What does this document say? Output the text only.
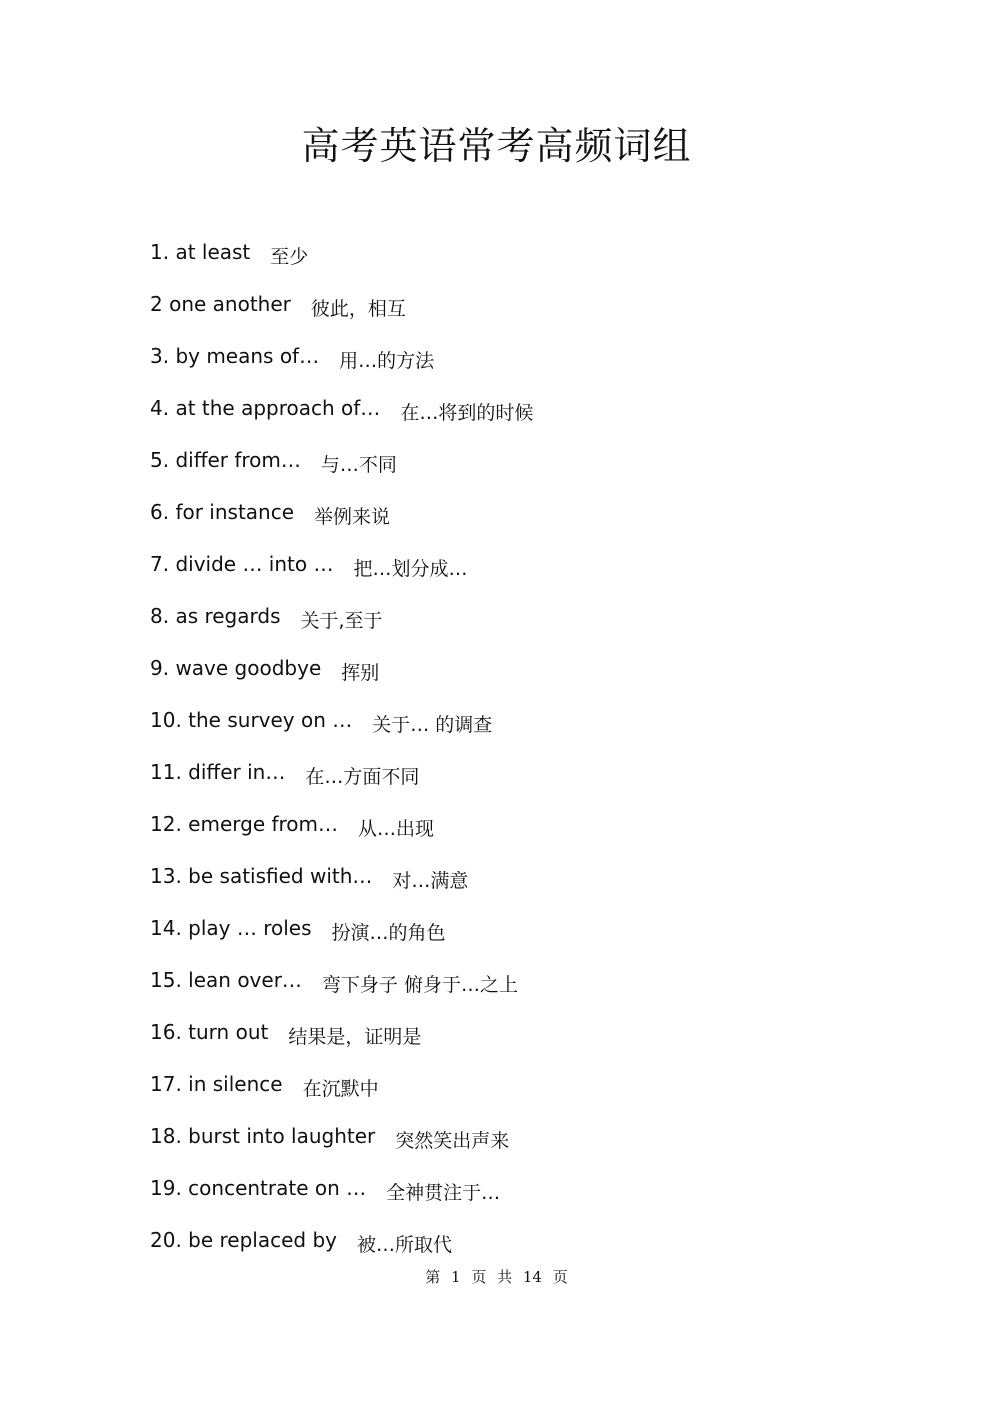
高考英语常考高频词组
1. at least 至少
2 one another 彼此，相互
3. by means of… 用…的方法
4. at the approach of… 在…将到的时候
5. differ from… 与…不同
6. for instance 举例来说
7. divide … into … 把…划分成…
8. as regards 关于,至于
9. wave goodbye 挥别
10. the survey on … 关于… 的调查
11. differ in… 在…方面不同
12. emerge from… 从…出现
13. be satisfied with… 对…满意
14. play … roles 扮演…的角色
15. lean over… 弯下身子 俯身于…之上
16. turn out 结果是，证明是
17. in silence 在沉默中
18. burst into laughter 突然笑出声来
19. concentrate on … 全神贯注于…
20. be replaced by 被…所取代
第 1 页 共 14 页
